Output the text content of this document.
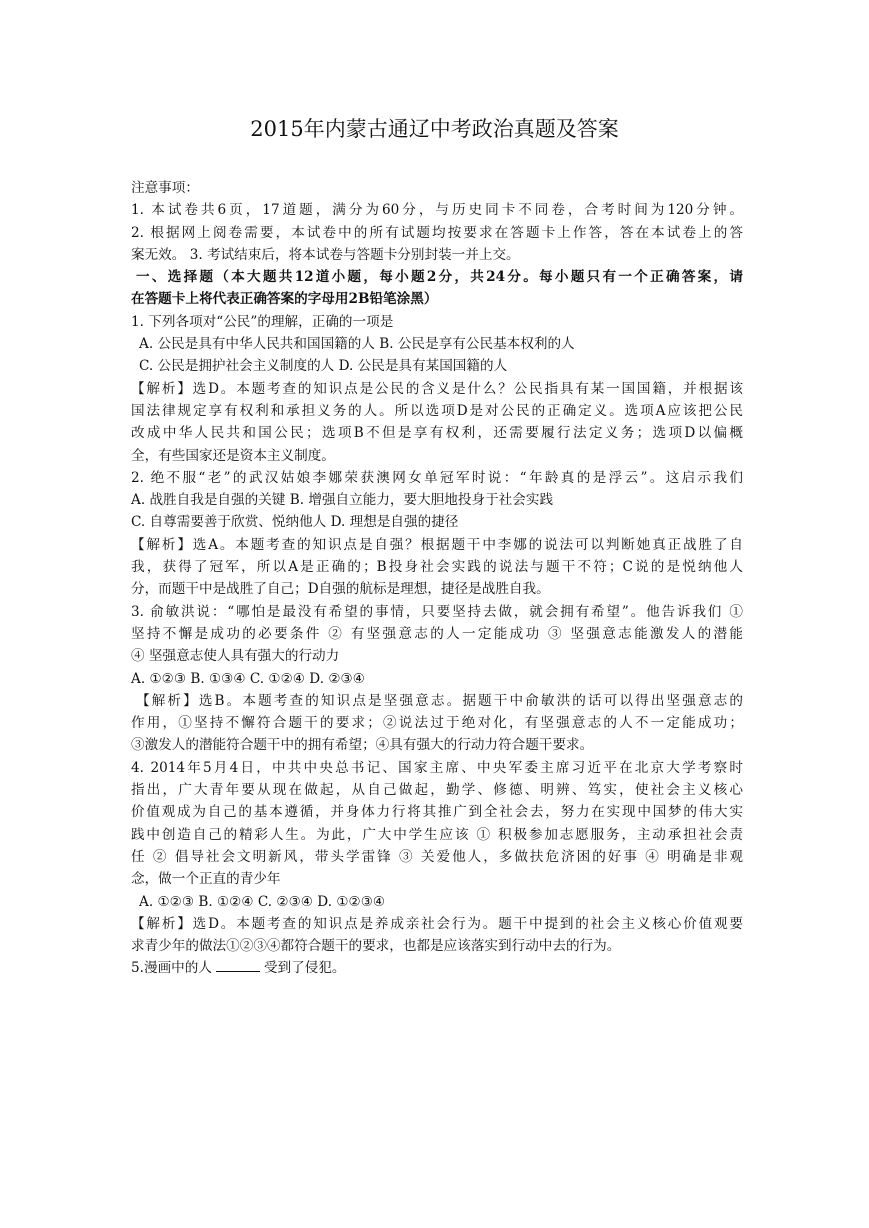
2015年内蒙古通辽中考政治真题及答案
注意事项：
1. 本试卷共6页，17道题，满分为60分，与历史同卡不同卷，合考时间为120分钟。
2. 根据网上阅卷需要，本试卷中的所有试题均按要求在答题卡上作答，答在本试卷上的答
案无效。 3. 考试结束后，将本试卷与答题卡分别封装一并上交。
一、选择题（本大题共12道小题，每小题2分，共24分。每小题只有一个正确答案，请
在答题卡上将代表正确答案的字母用2B铅笔涂黑）
1. 下列各项对“公民”的理解，正确的一项是
A. 公民是具有中华人民共和国国籍的人 B. 公民是享有公民基本权利的人
C. 公民是拥护社会主义制度的人 D. 公民是具有某国国籍的人
【解析】选D。本题考查的知识点是公民的含义是什么？公民指具有某一国国籍，并根据该
国法律规定享有权利和承担义务的人。所以选项D是对公民的正确定义。选项A应该把公民
改成中华人民共和国公民；选项B不但是享有权利，还需要履行法定义务；选项D以偏概
全，有些国家还是资本主义制度。
2. 绝不服“老”的武汉姑娘李娜荣获澳网女单冠军时说：“年龄真的是浮云”。这启示我们
A. 战胜自我是自强的关键 B. 增强自立能力，要大胆地投身于社会实践
C. 自尊需要善于欣赏、悦纳他人 D. 理想是自强的捷径
【解析】选A。本题考查的知识点是自强？根据题干中李娜的说法可以判断她真正战胜了自
我，获得了冠军，所以A是正确的；B投身社会实践的说法与题干不符；C说的是悦纳他人
分，而题干中是战胜了自己；D自强的航标是理想，捷径是战胜自我。
3. 俞敏洪说：“哪怕是最没有希望的事情，只要坚持去做，就会拥有希望”。他告诉我们 ①
坚持不懈是成功的必要条件 ② 有坚强意志的人一定能成功 ③ 坚强意志能激发人的潜能
④ 坚强意志使人具有强大的行动力
A. ①②③ B. ①③④ C. ①②④ D. ②③④
【解析】选B。本题考查的知识点是坚强意志。据题干中俞敏洪的话可以得出坚强意志的
作用，①坚持不懈符合题干的要求；②说法过于绝对化，有坚强意志的人不一定能成功；
③激发人的潜能符合题干中的拥有希望；④具有强大的行动力符合题干要求。
4. 2014年5月4日，中共中央总书记、国家主席、中央军委主席习近平在北京大学考察时
指出，广大青年要从现在做起，从自己做起，勤学、修德、明辨、笃实，使社会主义核心
价值观成为自己的基本遵循，并身体力行将其推广到全社会去，努力在实现中国梦的伟大实
践中创造自己的精彩人生。为此，广大中学生应该 ① 积极参加志愿服务，主动承担社会责
任 ② 倡导社会文明新风，带头学雷锋 ③ 关爱他人，多做扶危济困的好事 ④ 明确是非观
念，做一个正直的青少年
A. ①②③ B. ①②④ C. ②③④ D. ①②③④
【解析】选D。本题考查的知识点是养成亲社会行为。题干中提到的社会主义核心价值观要
求青少年的做法①②③④都符合题干的要求，也都是应该落实到行动中去的行为。
5.漫画中的人	受到了侵犯。
